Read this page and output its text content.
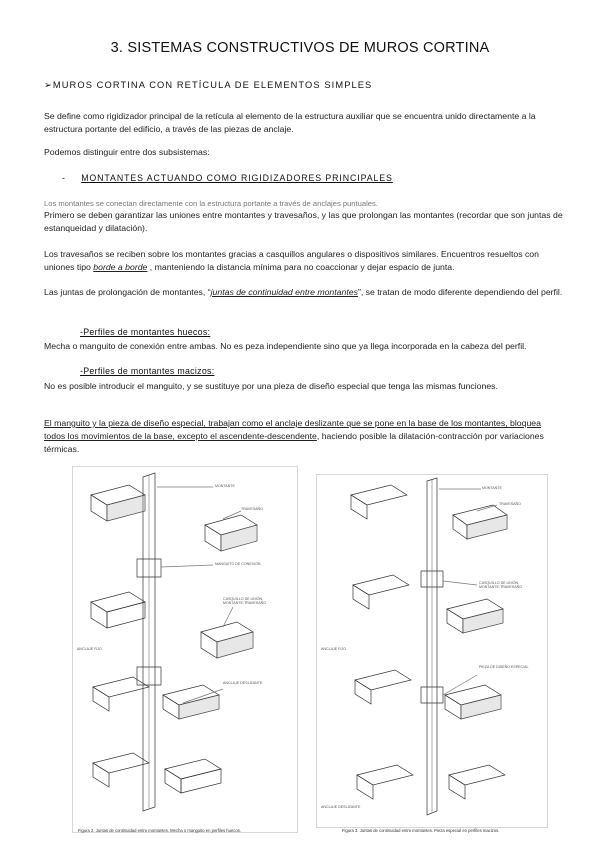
3. SISTEMAS CONSTRUCTIVOS DE MUROS CORTINA
➢MUROS CORTINA CON RETÍCULA DE ELEMENTOS SIMPLES
Se define como rigidizador principal de la retícula al elemento de la estructura auxiliar que se encuentra unido directamente a la estructura portante del edificio, a través de las piezas de anclaje.
Podemos distinguir entre dos subsistemas:
- MONTANTES ACTUANDO COMO RIGIDIZADORES PRINCIPALES
Los montantes se conectan directamente con la estructura portante a través de anclajes puntuales.
Primero se deben garantizar las uniones entre montantes y travesaños, y las que prolongan las montantes (recordar que son juntas de estanqueidad y dilatación).
Los travesaños se reciben sobre los montantes gracias a casquillos angulares o dispositivos similares. Encuentros resueltos con uniones tipo borde a borde , manteniendo la distancia mínima para no coaccionar y dejar espacio de junta.
Las juntas de prolongación de montantes, “juntas de continuidad entre montantes”, se tratan de modo diferente dependiendo del perfil.
-Perfiles de montantes huecos:
Mecha o manguito de conexión entre ambas. No es peza independiente sino que ya llega incorporada en la cabeza del perfil.
-Perfiles de montantes macizos:
No es posible introducir el manguito, y se sustituye por una pieza de diseño especial que tenga las mismas funciones.
El manguito y la pieza de diseño especial, trabajan como el anclaje deslizante que se pone en la base de los montantes, bloquea todos los movimientos de la base, excepto el ascendente-descendente, haciendo posible la dilatación-contracción por variaciones térmicas.
MONTANTE
TRAVESAÑO
MANGUITO DE CONEXIÓN
CASQUILLO DE UNIÓN MONTANTE-TRAVESAÑO
ANCLAJE FIJO
ANCLAJE DESLIZANTE
Figura 2. Juntas de continuidad entre montantes. Mecha o manguito en perfiles huecos.
MONTANTE
TRAVESAÑO
CASQUILLO DE UNIÓN MONTANTE-TRAVESAÑO
ANCLAJE FIJO
PIEZA DE DISEÑO ESPECIAL
ANCLAJE DESLIZANTE
Figura 3. Juntas de continuidad entre montantes. Pieza especial en perfiles macizos.
